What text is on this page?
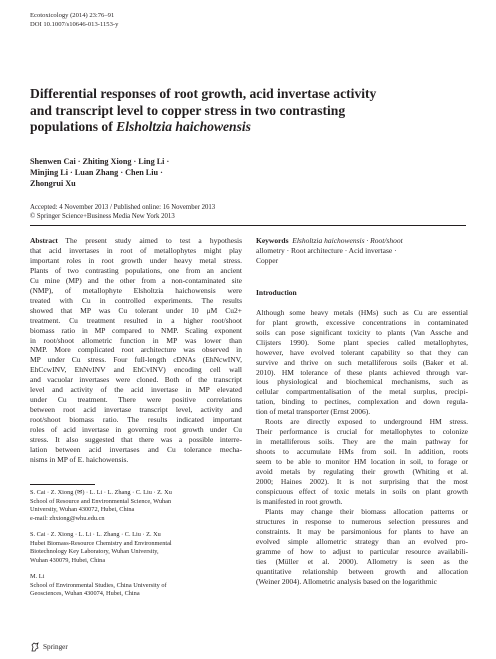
Ecotoxicology (2014) 23:76–91
DOI 10.1007/s10646-013-1153-y
Differential responses of root growth, acid invertase activity
and transcript level to copper stress in two contrasting
populations of Elsholtzia haichowensis
Shenwen Cai · Zhiting Xiong · Ling Li ·
Minjing Li · Luan Zhang · Chen Liu ·
Zhongrui Xu
Accepted: 4 November 2013 / Published online: 16 November 2013
© Springer Science+Business Media New York 2013

Abstract  The present study aimed to test a hypothesis

that acid invertases in root of metallophytes might play

important roles in root growth under heavy metal stress.

Plants of two contrasting populations, one from an ancient

Cu mine (MP) and the other from a non-contaminated site

(NMP), of metallophyte Elsholtzia haichowensis were

treated with Cu in controlled experiments. The results

showed that MP was Cu tolerant under 10 μM Cu2+

treatment. Cu treatment resulted in a higher root/shoot

biomass ratio in MP compared to NMP. Scaling exponent

in root/shoot allometric function in MP was lower than

NMP. More complicated root architecture was observed in

MP under Cu stress. Four full-length cDNAs (EhNcwINV,

EhCcwINV, EhNvINV and EhCvINV) encoding cell wall

and vacuolar invertases were cloned. Both of the transcript

level and activity of the acid invertase in MP elevated

under Cu treatment. There were positive correlations

between root acid invertase transcript level, activity and

root/shoot biomass ratio. The results indicated important

roles of acid invertase in governing root growth under Cu

stress. It also suggested that there was a possible interre-

lation between acid invertases and Cu tolerance mecha-

nisms in MP of E. haichowensis.

S. Cai · Z. Xiong (✉) · L. Li · L. Zhang · C. Liu · Z. Xu

School of Resource and Environmental Science, Wuhan

University, Wuhan 430072, Hubei, China

e-mail: zhxiong@whu.edu.cn

S. Cai · Z. Xiong · L. Li · L. Zhang · C. Liu · Z. Xu

Hubei Biomass-Resource Chemistry and Environmental

Biotechnology Key Laboratory, Wuhan University,

Wuhan 430079, Hubei, China

M. Li

School of Environmental Studies, China University of

Geosciences, Wuhan 430074, Hubei, China

Keywords Elsholtzia haichowensis · Root/shoot

allometry · Root architecture · Acid invertase ·

Copper

Introduction

Although some heavy metals (HMs) such as Cu are essential

for plant growth, excessive concentrations in contaminated

soils can pose significant toxicity to plants (Van Assche and

Clijsters 1990). Some plant species called metallophytes,

however, have evolved tolerant capability so that they can

survive and thrive on such metalliferous soils (Baker et al.

2010). HM tolerance of these plants achieved through var-

ious physiological and biochemical mechanisms, such as

cellular compartmentalisation of the metal surplus, precipi-

tation, binding to pectines, complexation and down regula-

tion of metal transporter (Ernst 2006).

Roots are directly exposed to underground HM stress.

Their performance is crucial for metallophytes to colonize

in metalliferous soils. They are the main pathway for

shoots to accumulate HMs from soil. In addition, roots

seem to be able to monitor HM location in soil, to forage or

avoid metals by regulating their growth (Whiting et al.

2000; Haines 2002). It is not surprising that the most

conspicuous effect of toxic metals in soils on plant growth

is manifested in root growth.

Plants may change their biomass allocation patterns or

structures in response to numerous selection pressures and

constraints. It may be parsimonious for plants to have an

evolved simple allometric strategy than an evolved pro-

gramme of how to adjust to particular resource availabili-

ties (Müller et al. 2000). Allometry is seen as the

quantitative relationship between growth and allocation

(Weiner 2004). Allometric analysis based on the logarithmic

Springer
